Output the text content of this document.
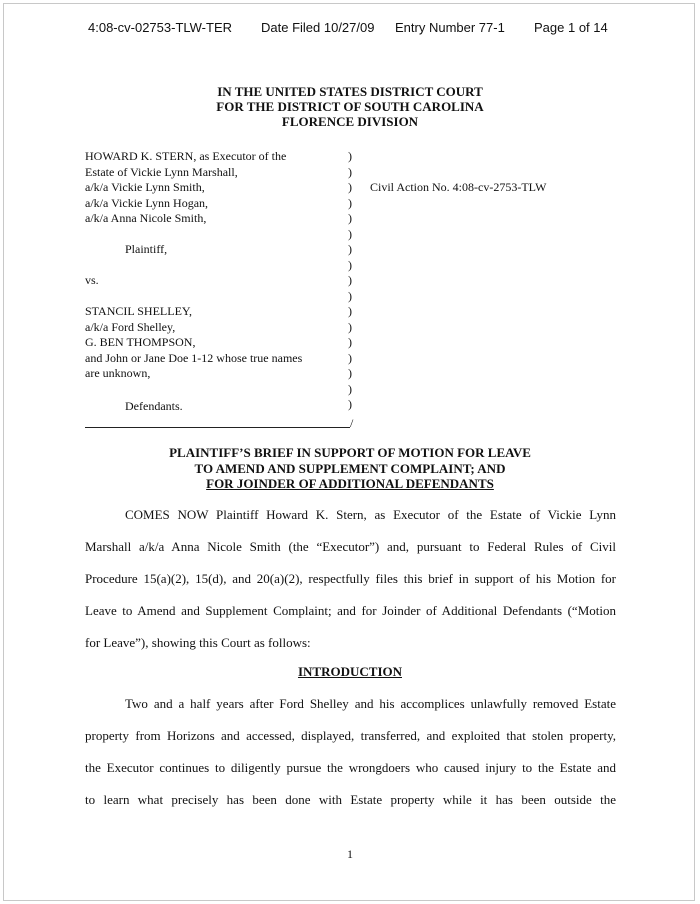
4:08-cv-02753-TLW-TER Date Filed 10/27/09 Entry Number 77-1 Page 1 of 14
IN THE UNITED STATES DISTRICT COURT
FOR THE DISTRICT OF SOUTH CAROLINA
FLORENCE DIVISION
HOWARD K. STERN, as Executor of the
Estate of Vickie Lynn Marshall,
a/k/a Vickie Lynn Smith,
a/k/a Vickie Lynn Hogan,
a/k/a Anna Nicole Smith,
Plaintiff,
vs.
STANCIL SHELLEY,
a/k/a Ford Shelley,
G. BEN THOMPSON,
and John or Jane Doe 1-12 whose true names
are unknown,
Defendants.
)
)
)
)
)
)
)
)
)
)
)
)
)
)
)
)
)
Civil Action No. 4:08-cv-2753-TLW
/
PLAINTIFF’S BRIEF IN SUPPORT OF MOTION FOR LEAVE
TO AMEND AND SUPPLEMENT COMPLAINT; AND
FOR JOINDER OF ADDITIONAL DEFENDANTS
COMES NOW Plaintiff Howard K. Stern, as Executor of the Estate of Vickie Lynn
Marshall a/k/a Anna Nicole Smith (the “Executor”) and, pursuant to Federal Rules of Civil
Procedure 15(a)(2), 15(d), and 20(a)(2), respectfully files this brief in support of his Motion for
Leave to Amend and Supplement Complaint; and for Joinder of Additional Defendants (“Motion
for Leave”), showing this Court as follows:
INTRODUCTION
Two and a half years after Ford Shelley and his accomplices unlawfully removed Estate
property from Horizons and accessed, displayed, transferred, and exploited that stolen property,
the Executor continues to diligently pursue the wrongdoers who caused injury to the Estate and
to learn what precisely has been done with Estate property while it has been outside the
1
